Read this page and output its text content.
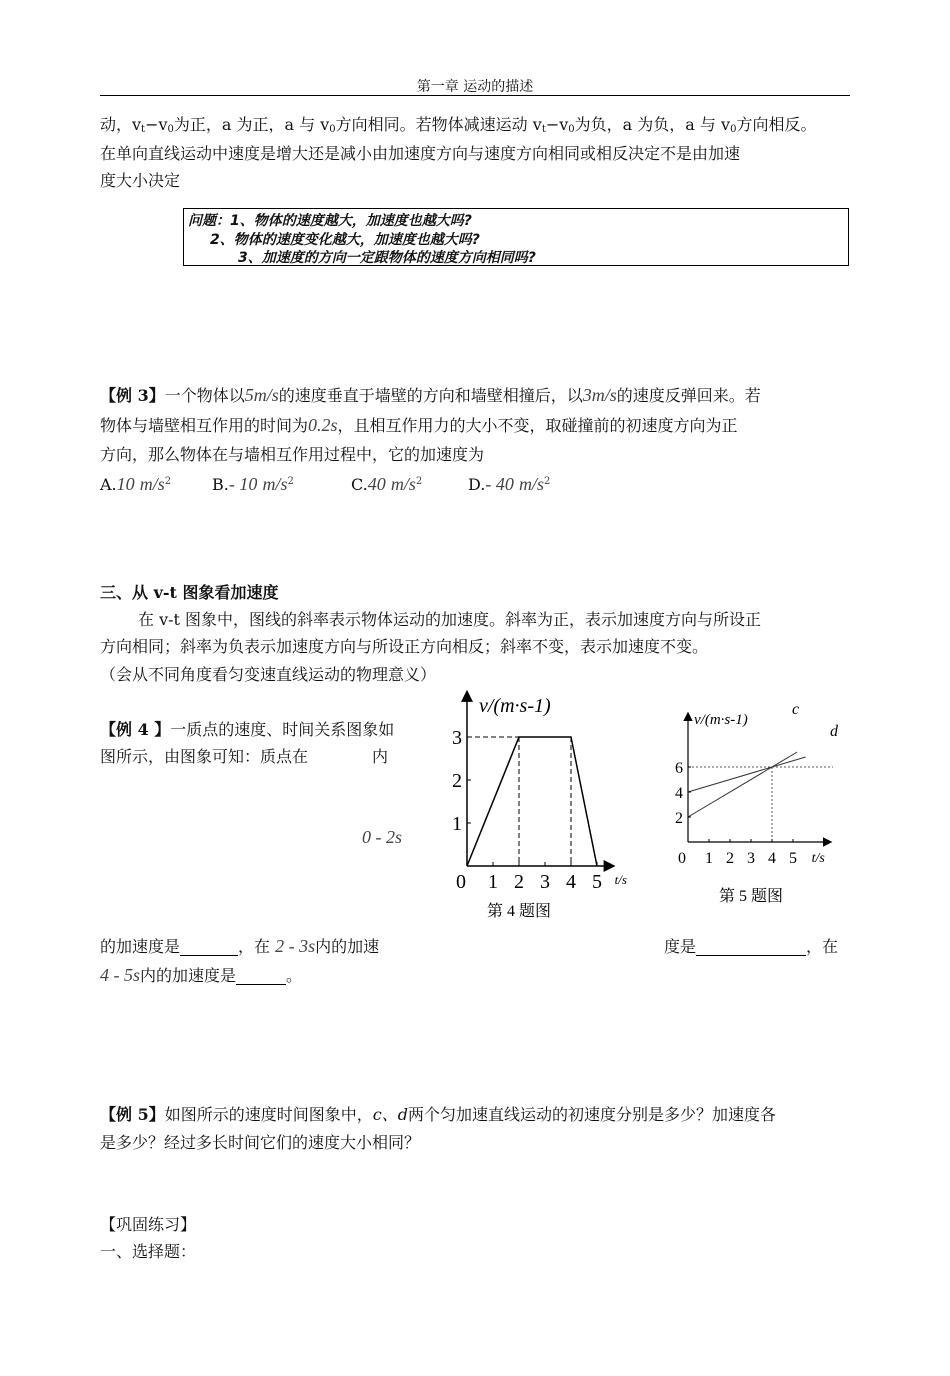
第一章 运动的描述
动，$v_t-v_0$为正，a 为正，a 与 $v_0$方向相同。若物体减速运动 $v_t-v_0$为负，a 为负，a 与 $v_0$方向相反。
在单向直线运动中速度是增大还是减小由加速度方向与速度方向相同或相反决定不是由加速
度大小决定
问题：1、物体的速度越大，加速度也越大吗?
2、物体的速度变化越大，加速度也越大吗?
3、加速度的方向一定跟物体的速度方向相同吗?
【例 3】一个物体以5m/s的速度垂直于墙壁的方向和墙壁相撞后，以3m/s的速度反弹回来。若
物体与墙壁相互作用的时间为0.2s，且相互作用力的大小不变，取碰撞前的初速度方向为正
方向，那么物体在与墙相互作用过程中，它的加速度为
A.10 $m/s^2$	B.- 10 $m/s^2$	C.40 $m/s^2$	D.- 40 $m/s^2$
三、从 v-t 图象看加速度
在 v-t 图象中，图线的斜率表示物体运动的加速度。斜率为正，表示加速度方向与所设正
方向相同；斜率为负表示加速度方向与所设正方向相反；斜率不变，表示加速度不变。
（会从不同角度看匀变速直线运动的物理意义）
【例 4 】一质点的速度、时间关系图象如
图所示，由图象可知：质点在	内
0 - 2s
的加速度是	，在 2 - 3s内的加速	度是	，在
4 - 5s内的加速度是	。
1 2 3 4 5
0
1
2
3
v/(m·s-1)
t/s
第 4 题图
c
d
1 2 3 4 5
0
2
4
6
v/(m·s-1)
t/s
第 5 题图
【例 5】如图所示的速度时间图象中，c、d两个匀加速直线运动的初速度分别是多少？加速度各
是多少？经过多长时间它们的速度大小相同？
【巩固练习】
一、选择题：
